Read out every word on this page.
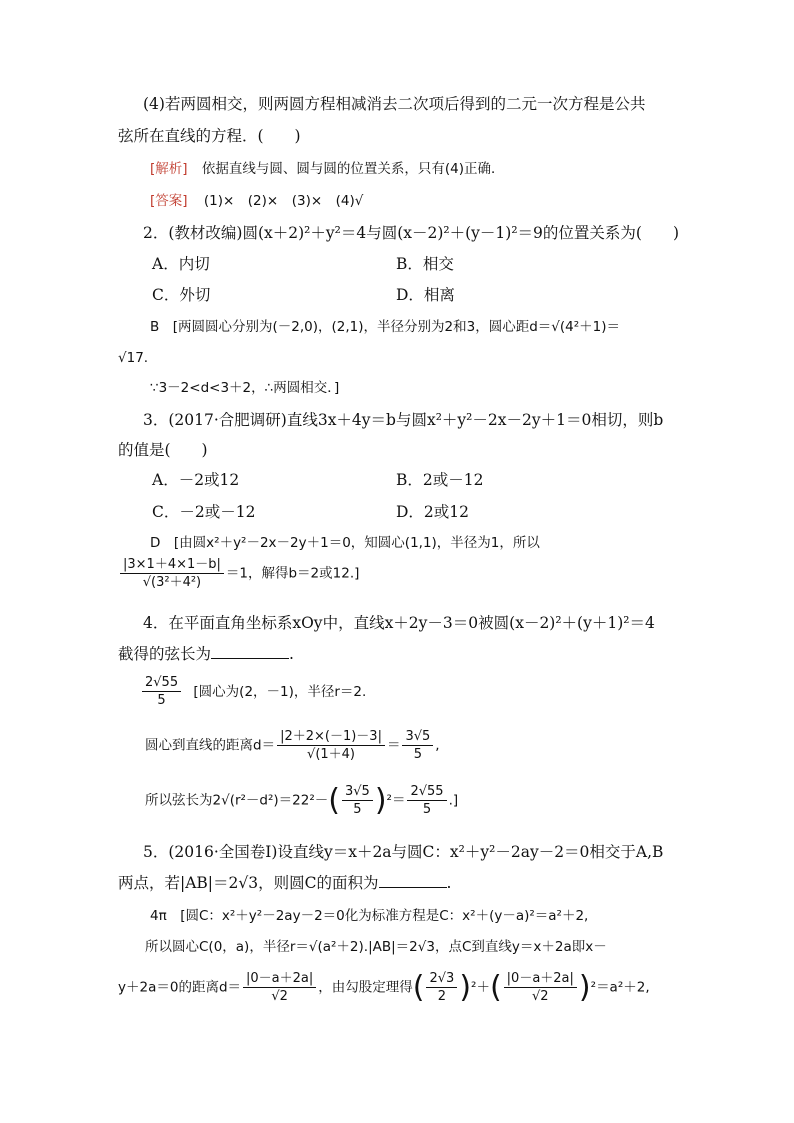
(4)若两圆相交，则两圆方程相减消去二次项后得到的二元一次方程是公共
弦所在直线的方程．(　　)
[解析] 依据直线与圆、圆与圆的位置关系，只有(4)正确．
[答案] (1)×　(2)×　(3)×　(4)√
2．(教材改编)圆(x＋2)²＋y²＝4与圆(x－2)²＋(y－1)²＝9的位置关系为(　　)
A．内切	B．相交
C．外切	D．相离
B　[两圆圆心分别为(－2,0)，(2,1)，半径分别为2和3，圆心距d＝√(4²＋1)＝
√17.
∵3－2<d<3＋2，∴两圆相交．]
3．(2017·合肥调研)直线3x＋4y＝b与圆x²＋y²－2x－2y＋1＝0相切，则b
的值是(　　)
A．－2或12	B．2或－12
C．－2或－12	D．2或12
D　[由圆x²＋y²－2x－2y＋1＝0，知圆心(1,1)，半径为1，所以
$\frac{|3\times 1+4\times 1-b|}{\text{√(3²＋4²)}} =1$，解得b＝2或12.]
4．在平面直角坐标系xOy中，直线x＋2y－3＝0被圆(x－2)²＋(y＋1)²＝4
截得的弦长为	.
$\frac{2√55}{5}$ [圆心为(2，－1)，半径r＝2.
圆心到直线的距离$d= \frac{|2+2\times(-1)-3|}{√(1+4)} = \frac{3√5}{5}$ ,
所以弦长为$2√(r^2-d^2)=22^2-( \frac{3√5}{5} )^2= \frac{2√55}{5}$ .]
5．(2016·全国卷Ⅰ)设直线y＝x＋2a与圆C：x²＋y²－2ay－2＝0相交于A,B
两点，若|AB|＝2√3，则圆C的面积为	.
4π　[圆C：x²＋y²－2ay－2＝0化为标准方程是C：x²＋(y－a)²＝a²＋2,
所以圆心C(0，a)，半径r＝√(a²＋2).|AB|＝2√3，点C到直线y＝x＋2a即x－
y＋2a＝0的距离$d= \frac{|0-a+2a|}{√2}$ ，由勾股定理得( $\frac{2√3}{2} )^2+( \frac{|0-a+2a|}{√2} )^2=a^2+2$,
